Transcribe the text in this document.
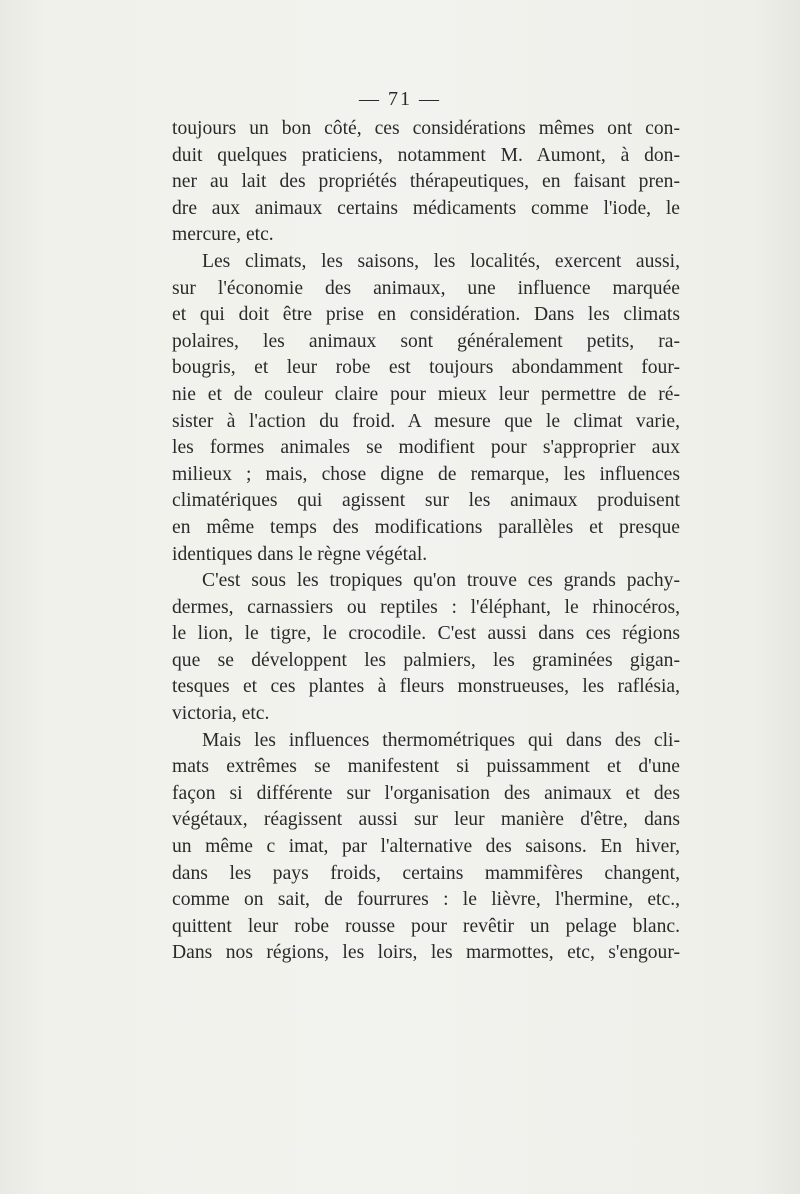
— 71 —
toujours un bon côté, ces considérations mêmes ont con-
duit quelques praticiens, notamment M. Aumont, à don-
ner au lait des propriétés thérapeutiques, en faisant pren-
dre aux animaux certains médicaments comme l'iode, le
mercure, etc.
Les climats, les saisons, les localités, exercent aussi,
sur l'économie des animaux, une influence marquée
et qui doit être prise en considération. Dans les climats
polaires, les animaux sont généralement petits, ra-
bougris, et leur robe est toujours abondamment four-
nie et de couleur claire pour mieux leur permettre de ré-
sister à l'action du froid. A mesure que le climat varie,
les formes animales se modifient pour s'approprier aux
milieux ; mais, chose digne de remarque, les influences
climatériques qui agissent sur les animaux produisent
en même temps des modifications parallèles et presque
identiques dans le règne végétal.
C'est sous les tropiques qu'on trouve ces grands pachy-
dermes, carnassiers ou reptiles : l'éléphant, le rhinocéros,
le lion, le tigre, le crocodile. C'est aussi dans ces régions
que se développent les palmiers, les graminées gigan-
tesques et ces plantes à fleurs monstrueuses, les raflésia,
victoria, etc.
Mais les influences thermométriques qui dans des cli-
mats extrêmes se manifestent si puissamment et d'une
façon si différente sur l'organisation des animaux et des
végétaux, réagissent aussi sur leur manière d'être, dans
un même c imat, par l'alternative des saisons. En hiver,
dans les pays froids, certains mammifères changent,
comme on sait, de fourrures : le lièvre, l'hermine, etc.,
quittent leur robe rousse pour revêtir un pelage blanc.
Dans nos régions, les loirs, les marmottes, etc, s'engour-
